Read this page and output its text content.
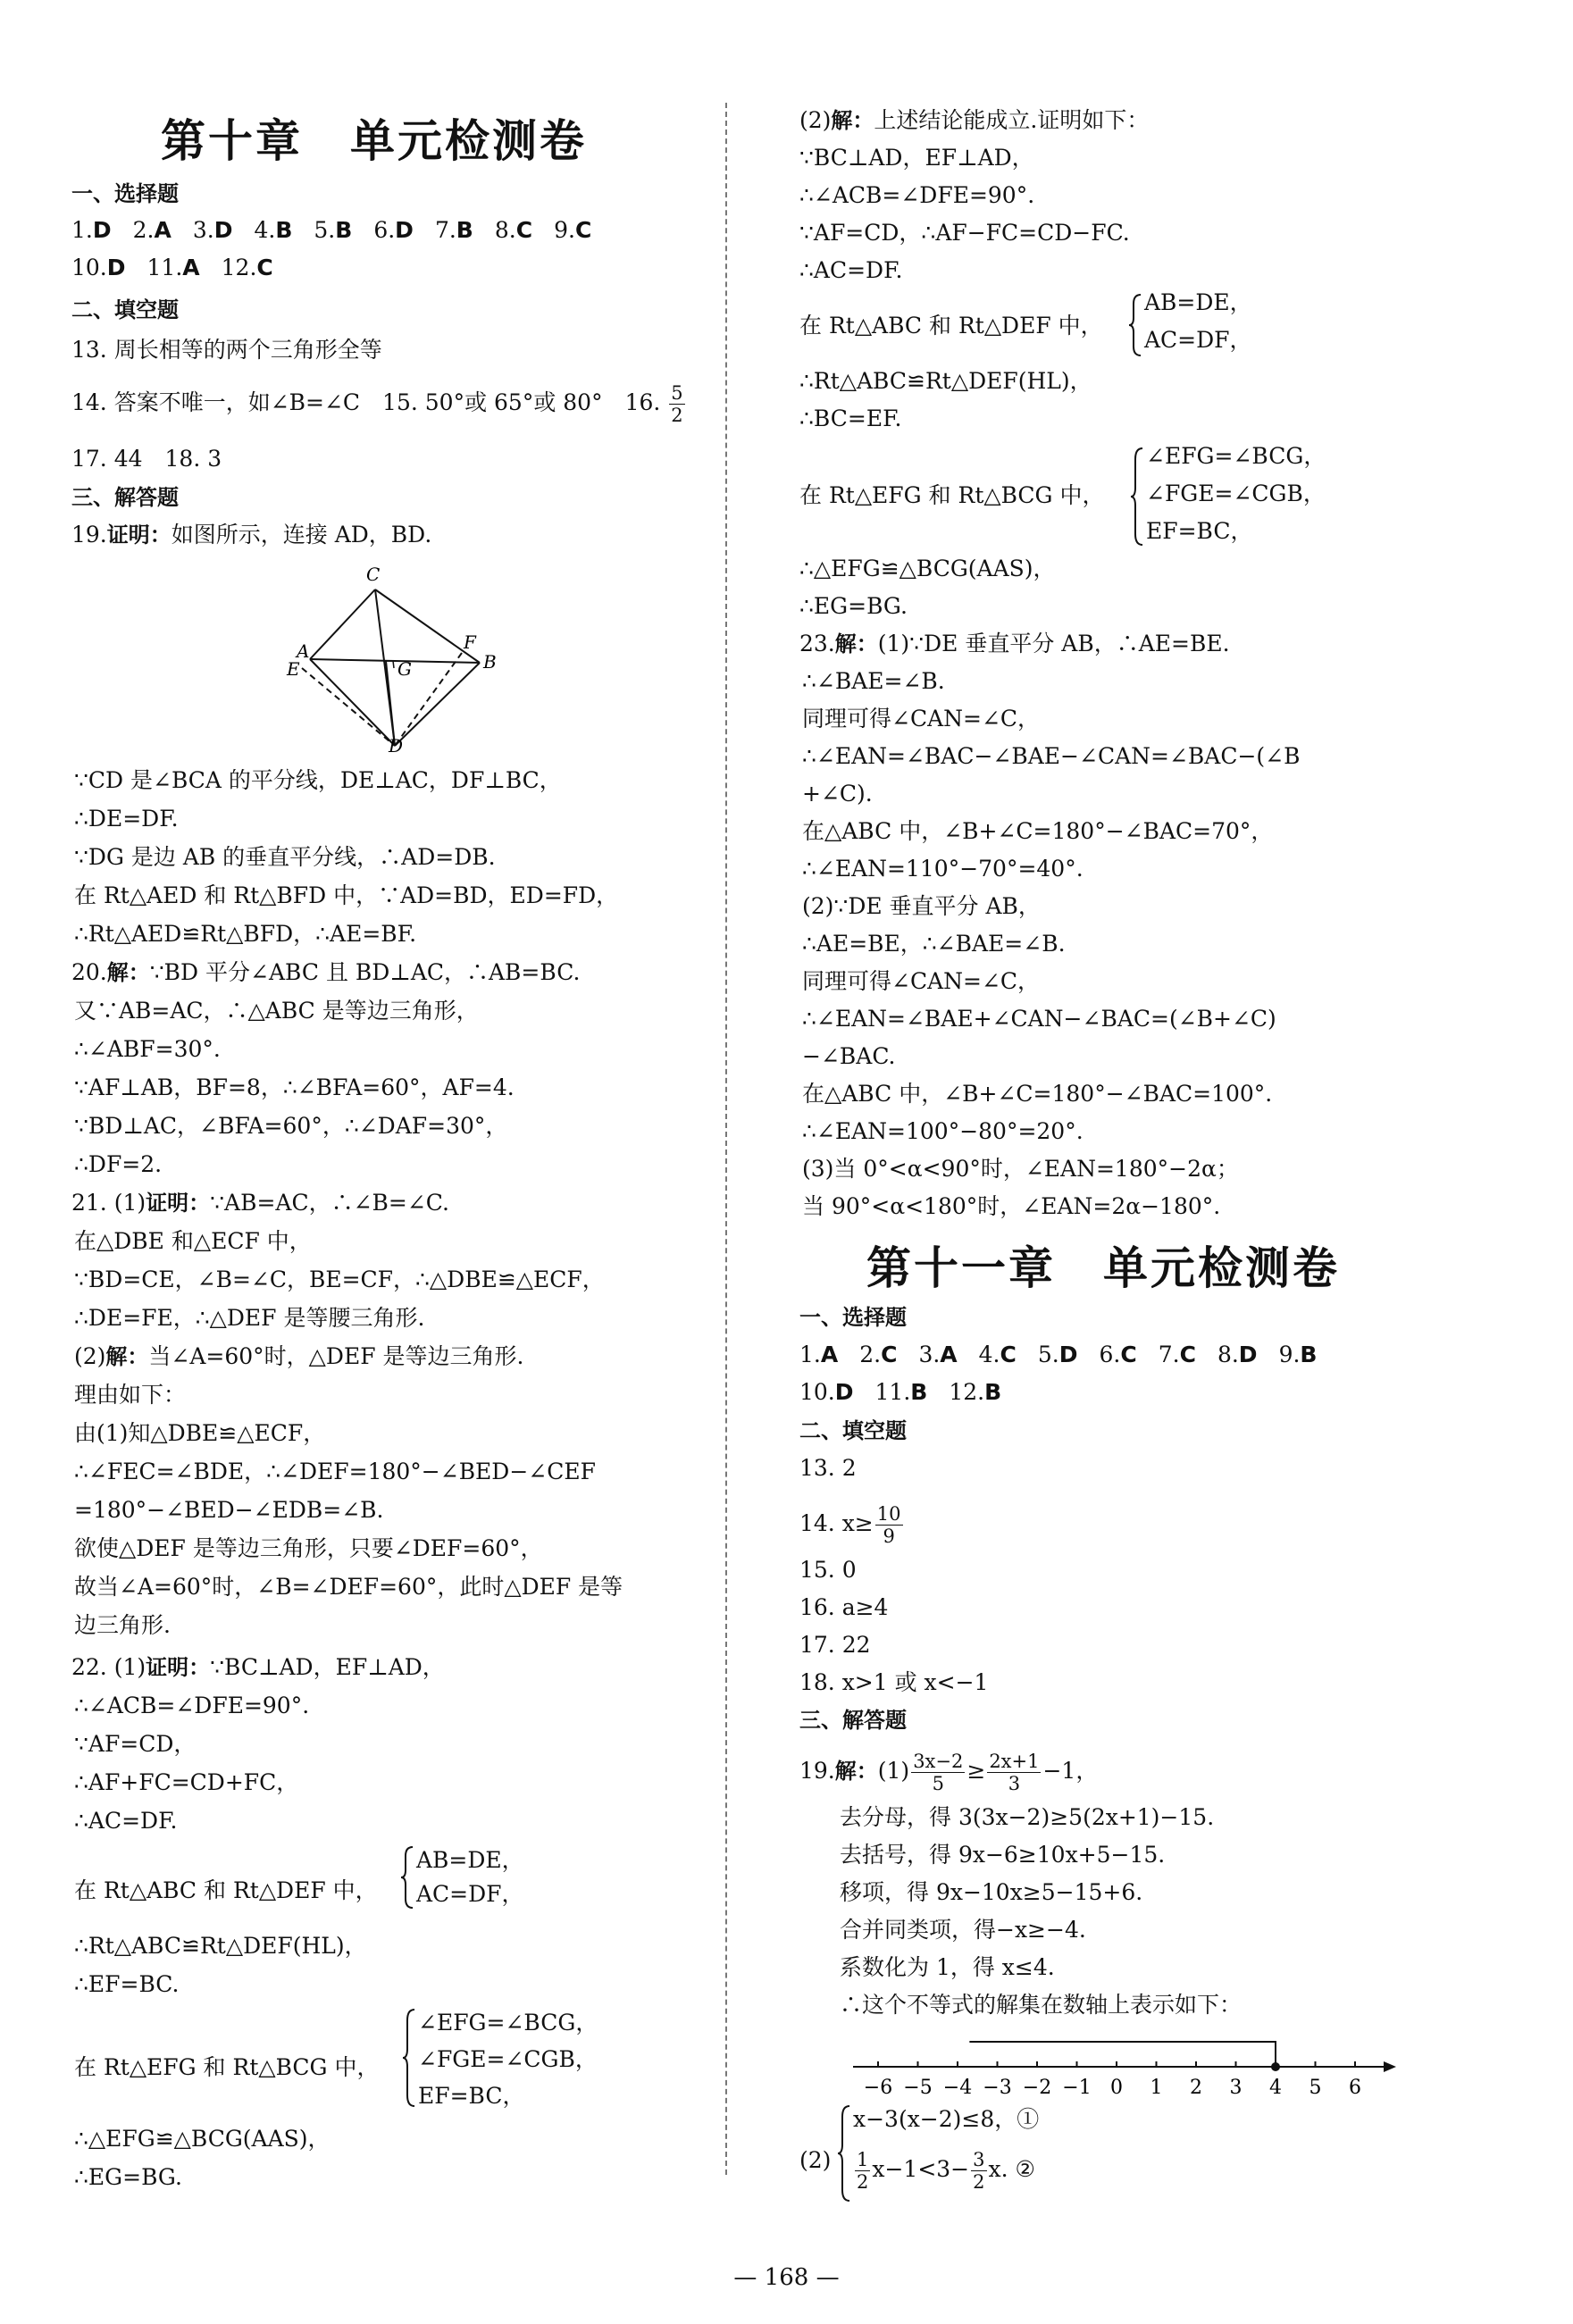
第十章　单元检测卷
一、选择题
1.D 2.A 3.D 4.B 5.B 6.D 7.B 8.C 9.C
10.D 11.A 12.C
二、填空题
13. 周长相等的两个三角形全等
14. 答案不唯一，如∠B=∠C　15. 50°或 65°或 80°　16. $\frac{5}{2}$
17. 44　18. 3
三、解答题
19.证明：如图所示，连接 AD，BD.
C
A
E
F
B
G
D
∵CD 是∠BCA 的平分线，DE⊥AC，DF⊥BC，
∴DE=DF.
∵DG 是边 AB 的垂直平分线，∴AD=DB.
在 Rt△AED 和 Rt△BFD 中，∵AD=BD，ED=FD，
∴Rt△AED≌Rt△BFD，∴AE=BF.
20.解：∵BD 平分∠ABC 且 BD⊥AC，∴AB=BC.
又∵AB=AC，∴△ABC 是等边三角形，
∴∠ABF=30°.
∵AF⊥AB，BF=8，∴∠BFA=60°，AF=4.
∵BD⊥AC，∠BFA=60°，∴∠DAF=30°，
∴DF=2.
21. (1)证明：∵AB=AC，∴∠B=∠C.
在△DBE 和△ECF 中，
∵BD=CE，∠B=∠C，BE=CF，∴△DBE≌△ECF，
∴DE=FE，∴△DEF 是等腰三角形.
(2)解：当∠A=60°时，△DEF 是等边三角形.
理由如下：
由(1)知△DBE≌△ECF，
∴∠FEC=∠BDE，∴∠DEF=180°−∠BED−∠CEF
=180°−∠BED−∠EDB=∠B.
欲使△DEF 是等边三角形，只要∠DEF=60°，
故当∠A=60°时，∠B=∠DEF=60°，此时△DEF 是等
边三角形.
22. (1)证明：∵BC⊥AD，EF⊥AD，
∴∠ACB=∠DFE=90°.
∵AF=CD，
∴AF+FC=CD+FC，
∴AC=DF.
在 Rt△ABC 和 Rt△DEF 中，
AB=DE，
AC=DF，
∴Rt△ABC≌Rt△DEF(HL)，
∴EF=BC.
在 Rt△EFG 和 Rt△BCG 中，
∠EFG=∠BCG，
∠FGE=∠CGB，
EF=BC，
∴△EFG≌△BCG(AAS)，
∴EG=BG.
(2)解：上述结论能成立.证明如下：
∵BC⊥AD，EF⊥AD，
∴∠ACB=∠DFE=90°.
∵AF=CD，∴AF−FC=CD−FC.
∴AC=DF.
在 Rt△ABC 和 Rt△DEF 中，
AB=DE，
AC=DF，
∴Rt△ABC≌Rt△DEF(HL)，
∴BC=EF.
在 Rt△EFG 和 Rt△BCG 中，
∠EFG=∠BCG，
∠FGE=∠CGB，
EF=BC，
∴△EFG≌△BCG(AAS)，
∴EG=BG.
23.解：(1)∵DE 垂直平分 AB，∴AE=BE.
∴∠BAE=∠B.
同理可得∠CAN=∠C，
∴∠EAN=∠BAC−∠BAE−∠CAN=∠BAC−(∠B
+∠C).
在△ABC 中，∠B+∠C=180°−∠BAC=70°，
∴∠EAN=110°−70°=40°.
(2)∵DE 垂直平分 AB，
∴AE=BE，∴∠BAE=∠B.
同理可得∠CAN=∠C，
∴∠EAN=∠BAE+∠CAN−∠BAC=(∠B+∠C)
−∠BAC.
在△ABC 中，∠B+∠C=180°−∠BAC=100°.
∴∠EAN=100°−80°=20°.
(3)当 0°<α<90°时，∠EAN=180°−2α；
当 90°<α<180°时，∠EAN=2α−180°.
第十一章　单元检测卷
一、选择题
1.A 2.C 3.A 4.C 5.D 6.C 7.C 8.D 9.B
10.D 11.B 12.B
二、填空题
13. 2
14. $x\ge \frac{10}{9}$
15. 0
16. a≥4
17. 22
18. x>1 或 x<−1
三、解答题
19.解：$(1) \frac{3x-2}{5} \ge \frac{2x+1}{3} -1$，
去分母，得 3(3x−2)≥5(2x+1)−15.
去括号，得 9x−6≥10x+5−15.
移项，得 9x−10x≥5−15+6.
合并同类项，得−x≥−4.
系数化为 1，得 x≤4.
∴这个不等式的解集在数轴上表示如下：
−6 −5 −4 −3 −2 −1 0 1 2 3 4 5 6
(2)
x−3(x−2)≤8，①
$\frac{1}{2} x-1<3- \frac{3}{2} x$. ②
— 168 —
